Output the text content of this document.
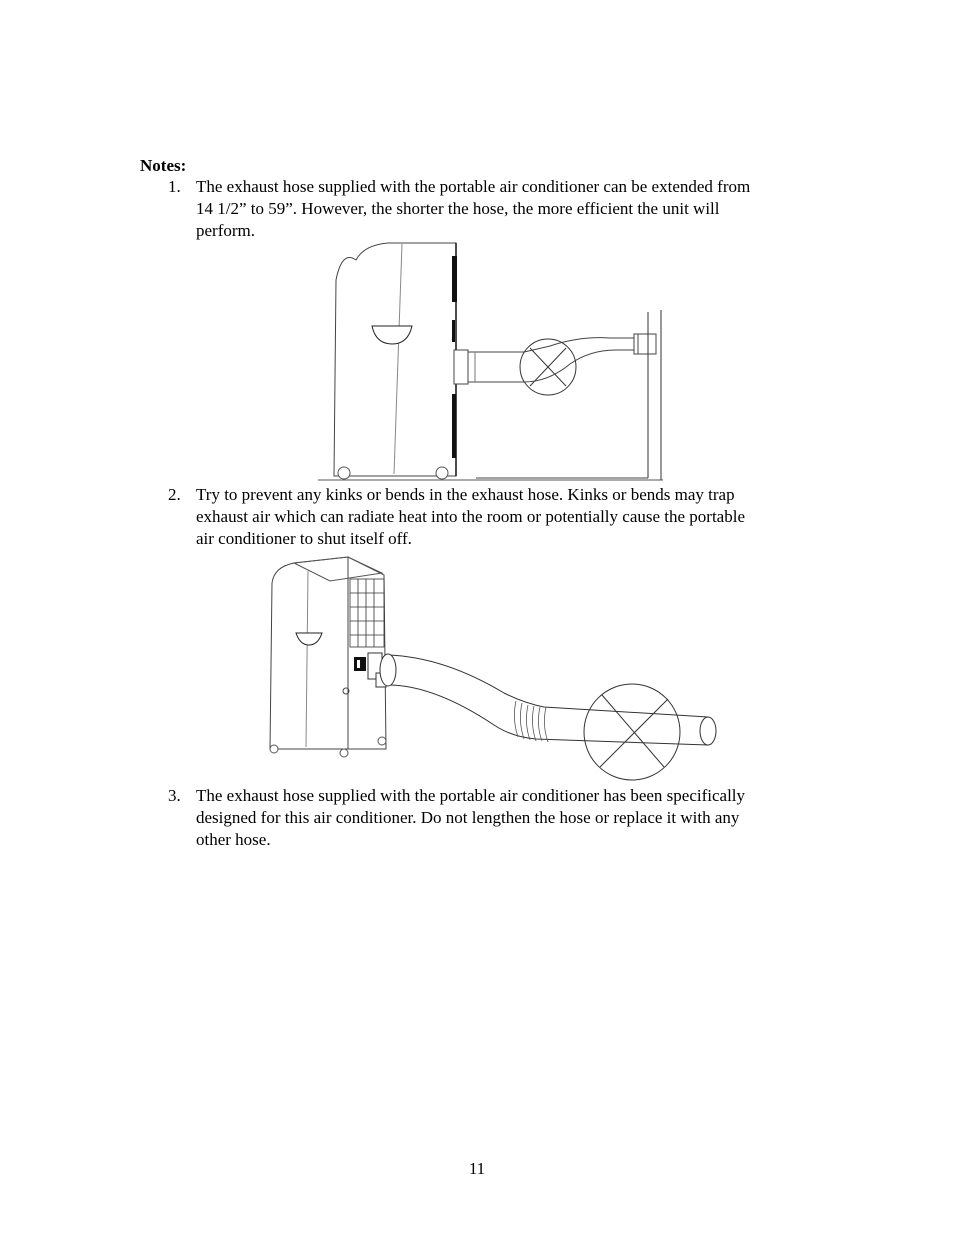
Notes:
1. The exhaust hose supplied with the portable air conditioner can be extended from
14 1/2” to 59”. However, the shorter the hose, the more efficient the unit will
perform.
2. Try to prevent any kinks or bends in the exhaust hose. Kinks or bends may trap
exhaust air which can radiate heat into the room or potentially cause the portable
air conditioner to shut itself off.
3. The exhaust hose supplied with the portable air conditioner has been specifically
designed for this air conditioner. Do not lengthen the hose or replace it with any
other hose.
11
